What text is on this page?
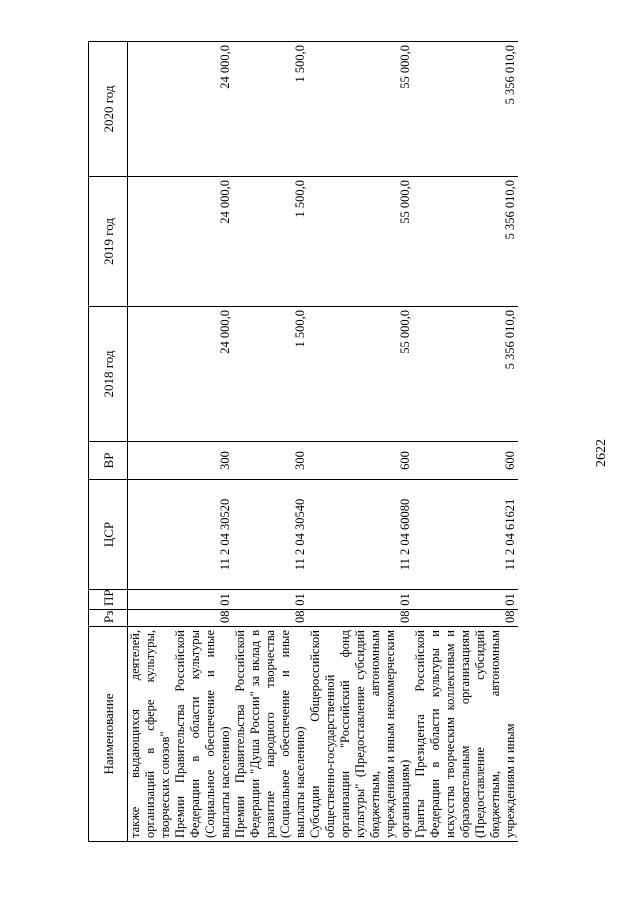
2622
Наименование	Рз	ПР	ЦСР	ВР	2018 год	2019 год	2020 год
также выдающихся деятелей, организаций в сфере культуры, творческих союзов"							
Премии Правительства Российской Федерации в области культуры (Социальное обеспечение и иные выплаты населению)	08	01	11 2 04 30520	300	24 000,0	24 000,0	24 000,0
Премии Правительства Российской Федерации "Душа России" за вклад в развитие народного творчества (Социальное обеспечение и иные выплаты населению)	08	01	11 2 04 30540	300	1 500,0	1 500,0	1 500,0
Субсидии Общероссийской общественно-государственной организации "Российский фонд культуры" (Предоставление субсидий бюджетным, автономным учреждениям и иным некоммерческим организациям)	08	01	11 2 04 60080	600	55 000,0	55 000,0	55 000,0
Гранты Президента Российской Федерации в области культуры и искусства творческим коллективам и образовательным организациям (Предоставление субсидий бюджетным, автономным учреждениям и иным	08	01	11 2 04 61621	600	5 356 010,0	5 356 010,0	5 356 010,0
